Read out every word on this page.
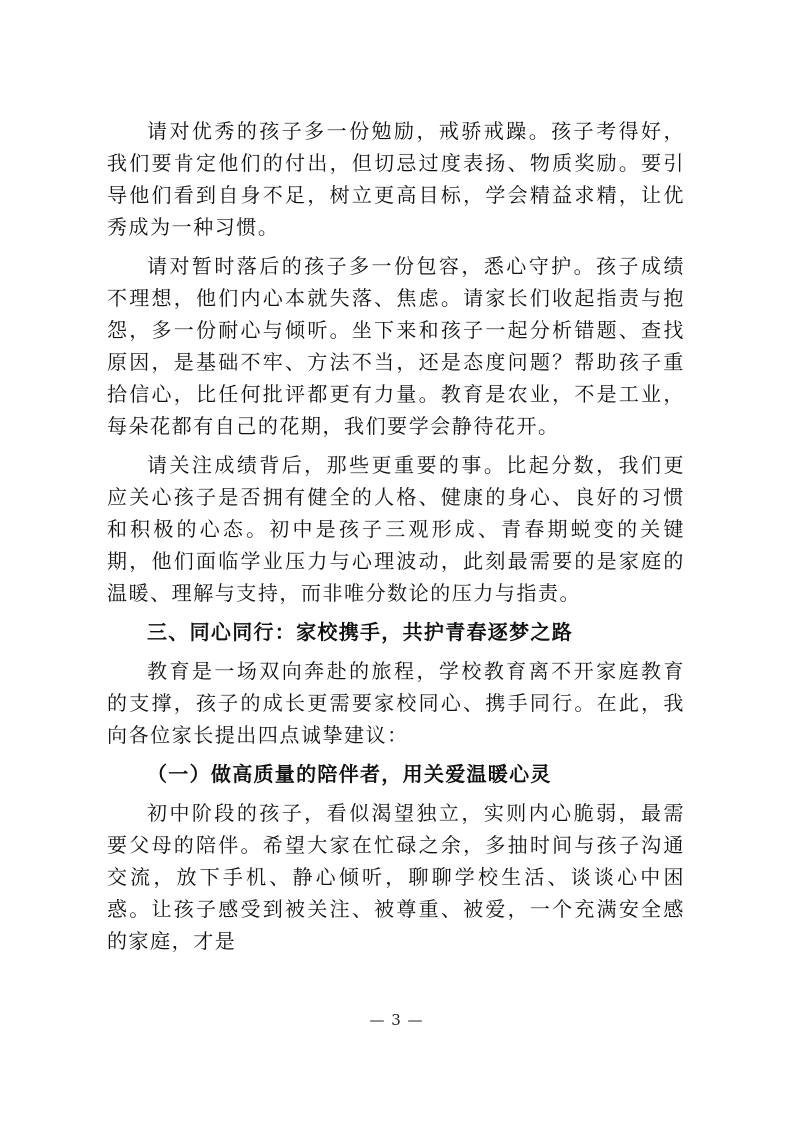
请对优秀的孩子多一份勉励，戒骄戒躁。孩子考得好，我们要肯定他们的付出，但切忌过度表扬、物质奖励。要引导他们看到自身不足，树立更高目标，学会精益求精，让优秀成为一种习惯。

请对暂时落后的孩子多一份包容，悉心守护。孩子成绩不理想，他们内心本就失落、焦虑。请家长们收起指责与抱怨，多一份耐心与倾听。坐下来和孩子一起分析错题、查找原因，是基础不牢、方法不当，还是态度问题？帮助孩子重拾信心，比任何批评都更有力量。教育是农业，不是工业，每朵花都有自己的花期，我们要学会静待花开。

请关注成绩背后，那些更重要的事。比起分数，我们更应关心孩子是否拥有健全的人格、健康的身心、良好的习惯和积极的心态。初中是孩子三观形成、青春期蜕变的关键期，他们面临学业压力与心理波动，此刻最需要的是家庭的温暖、理解与支持，而非唯分数论的压力与指责。

三、同心同行：家校携手，共护青春逐梦之路

教育是一场双向奔赴的旅程，学校教育离不开家庭教育的支撑，孩子的成长更需要家校同心、携手同行。在此，我向各位家长提出四点诚挚建议：

（一）做高质量的陪伴者，用关爱温暖心灵

初中阶段的孩子，看似渴望独立，实则内心脆弱，最需要父母的陪伴。希望大家在忙碌之余，多抽时间与孩子沟通交流，放下手机、静心倾听，聊聊学校生活、谈谈心中困惑。让孩子感受到被关注、被尊重、被爱，一个充满安全感的家庭，才是

— 3 —
